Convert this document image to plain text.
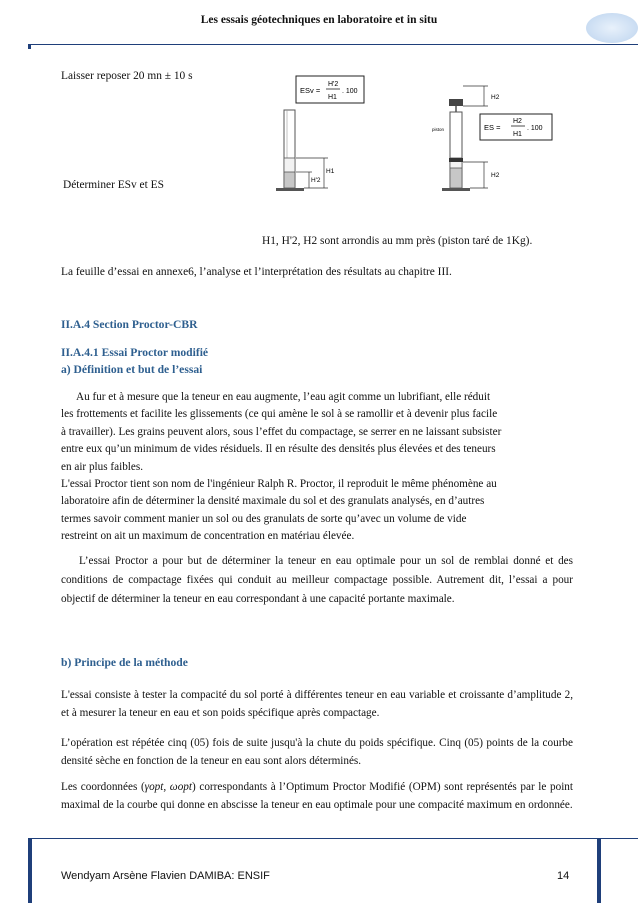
Les essais géotechniques en laboratoire et in situ
Laisser reposer 20 mn ± 10 s
Déterminer ESv et ES
ESv =
H'2
H1
. 100
H'2
H1
piston
H2
H2
ES =
H2
H1
. 100
H1, H'2, H2 sont arrondis au mm près (piston taré de 1Kg).
La feuille d’essai en annexe6, l’analyse et l’interprétation des résultats au chapitre III.
II.A.4 Section Proctor-CBR
II.A.4.1 Essai Proctor modifié
a) Définition et but de l’essai
Au fur et à mesure que la teneur en eau augmente, l’eau agit comme un lubrifiant, elle réduit
les frottements et facilite les glissements (ce qui amène le sol à se ramollir et à devenir plus facile
à travailler). Les grains peuvent alors, sous l’effet du compactage, se serrer en ne laissant subsister
entre eux qu’un minimum de vides résiduels. Il en résulte des densités plus élevées et des teneurs
en air plus faibles.
L'essai Proctor tient son nom de l'ingénieur Ralph R. Proctor, il reproduit le même phénomène au
laboratoire afin de déterminer la densité maximale du sol et des granulats analysés, en d’autres
termes savoir comment manier un sol ou des granulats de sorte qu’avec un volume de vide
restreint on ait un maximum de concentration en matériau élevée.
L’essai Proctor a pour but de déterminer la teneur en eau optimale pour un sol de remblai donné et des conditions de compactage fixées qui conduit au meilleur compactage possible. Autrement dit, l’essai a pour objectif de déterminer la teneur en eau correspondant à une capacité portante maximale.
b) Principe de la méthode
L'essai consiste à tester la compacité du sol porté à différentes teneur en eau variable et croissante d’amplitude 2, et à mesurer la teneur en eau et son poids spécifique après compactage.
L’opération est répétée cinq (05) fois de suite jusqu'à la chute du poids spécifique. Cinq (05) points de la courbe densité sèche en fonction de la teneur en eau sont alors déterminés.
Les coordonnées (γopt, ωopt) correspondants à l’Optimum Proctor Modifié (OPM) sont représentés par le point maximal de la courbe qui donne en abscisse la teneur en eau optimale pour une compacité maximum en ordonnée.
Wendyam Arsène Flavien DAMIBA: ENSIF	14
